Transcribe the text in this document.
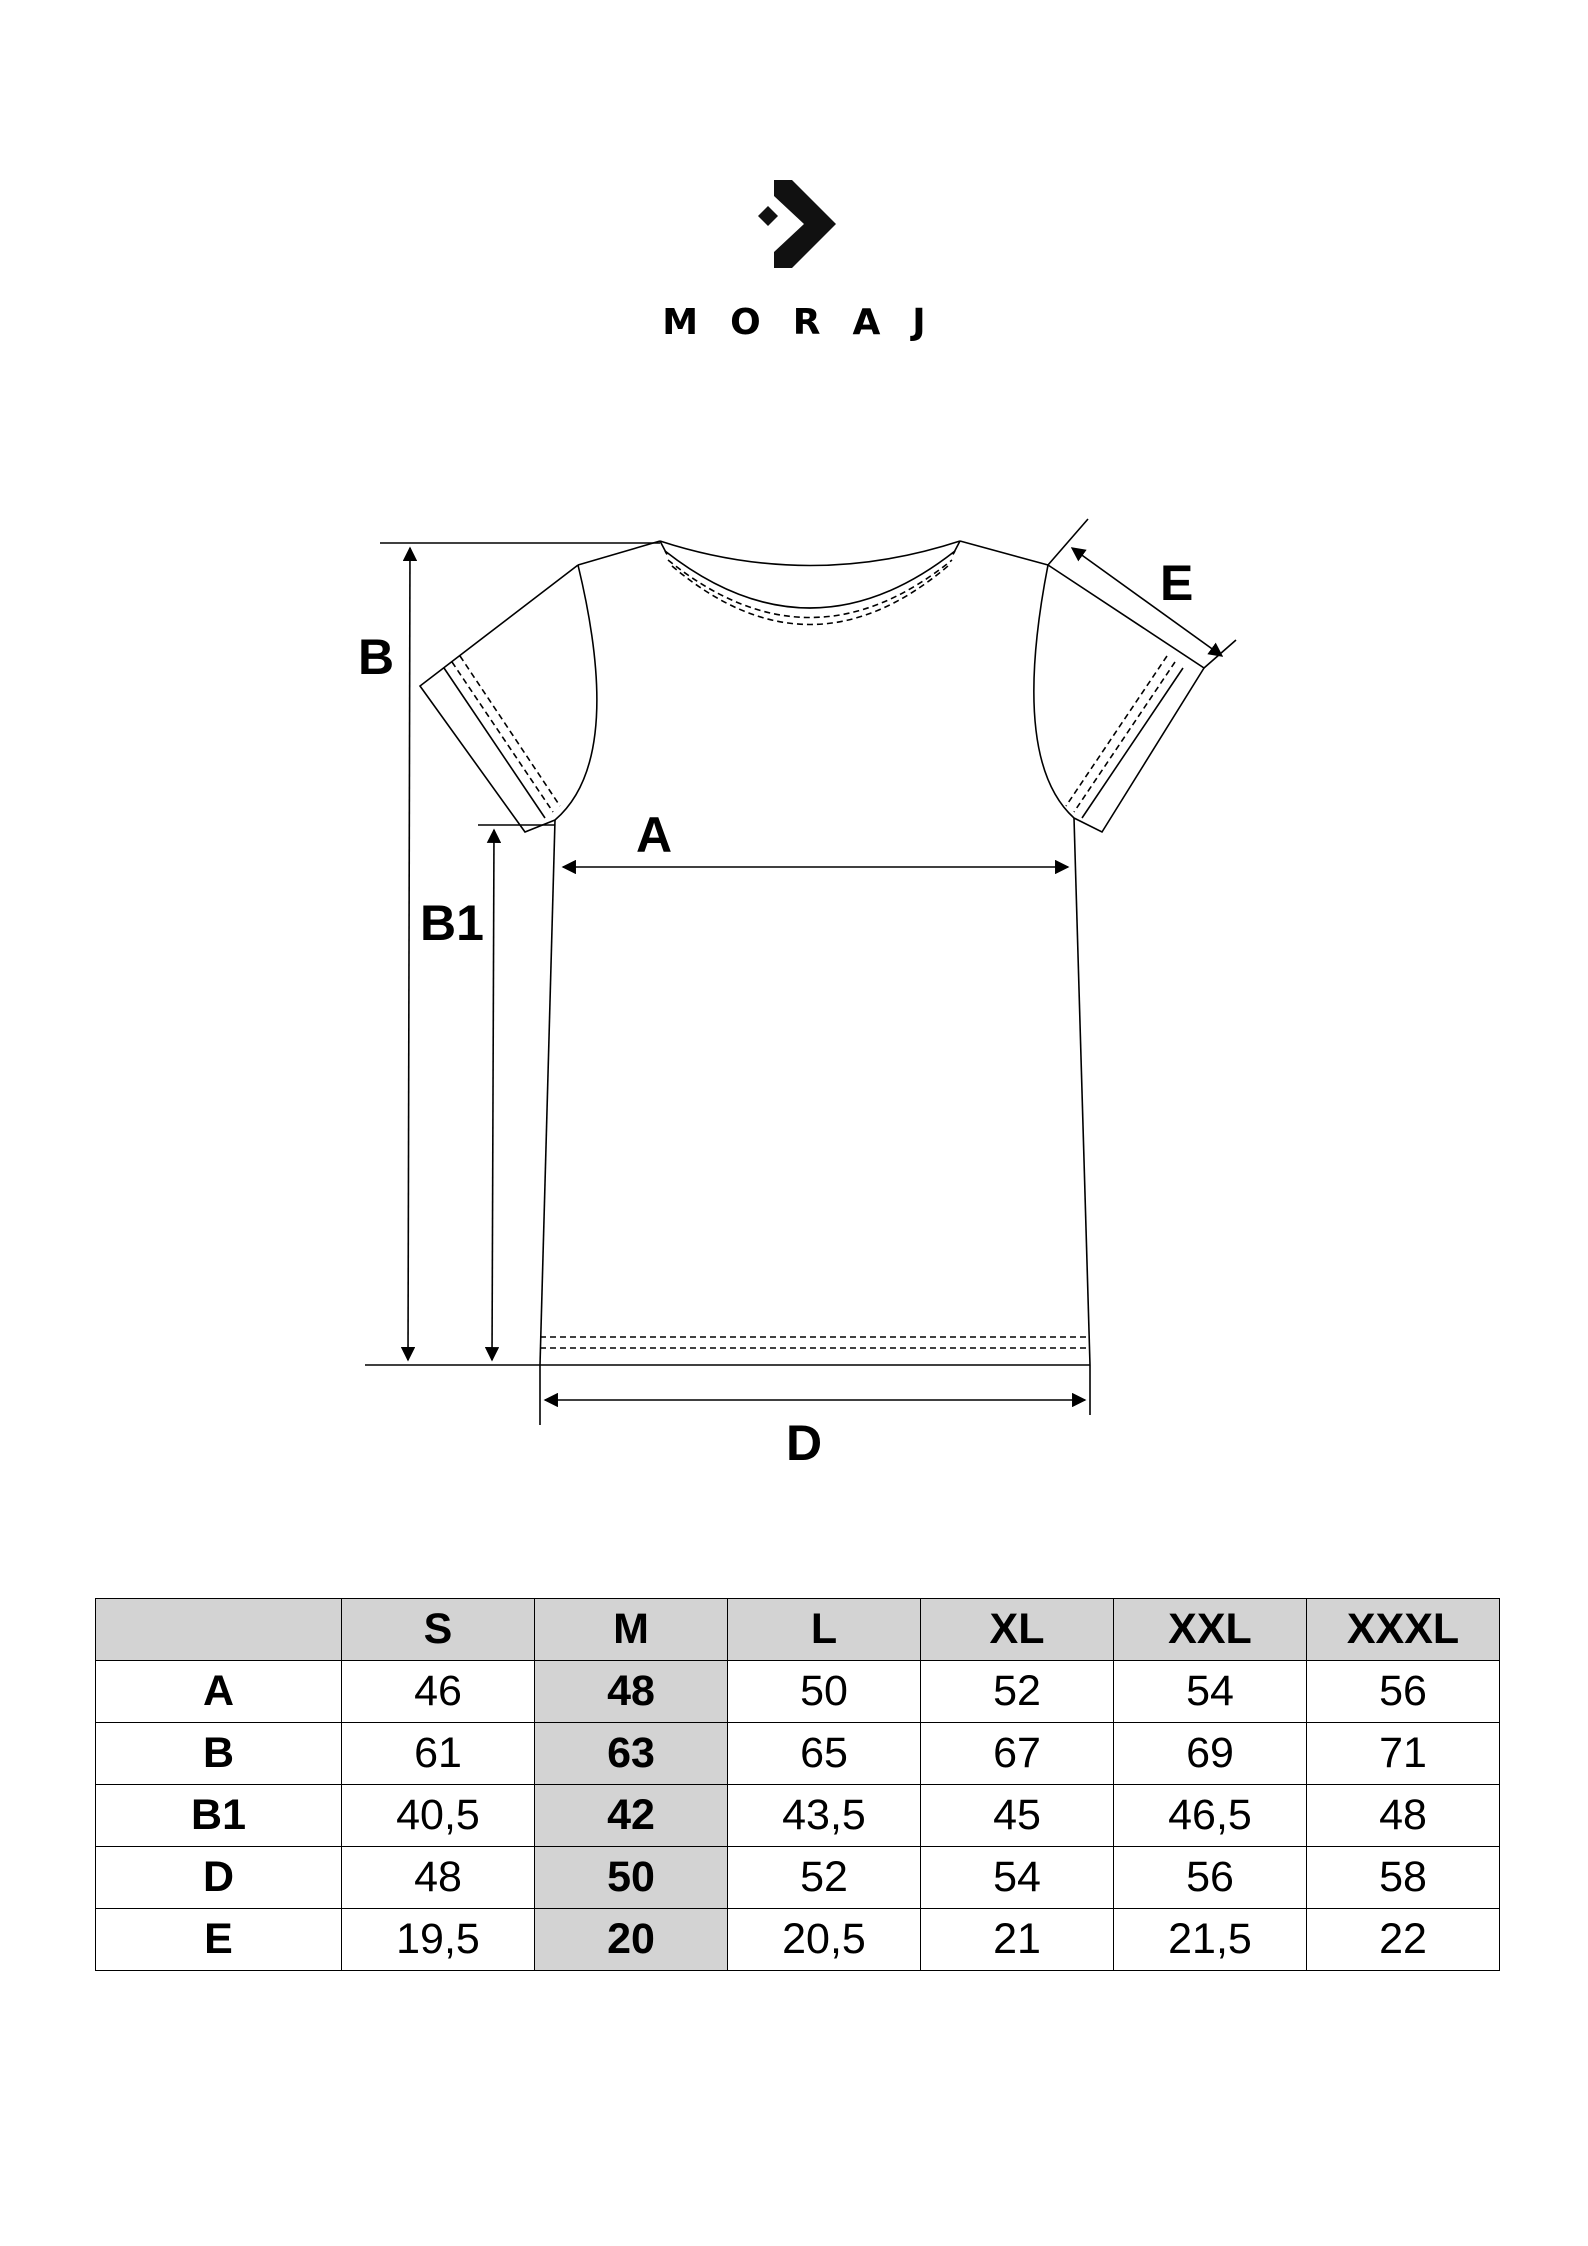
MORAJ
B
B1
A
D
E
	S	M	L	XL	XXL	XXXL
A	46	48	50	52	54	56
B	61	63	65	67	69	71
B1	40,5	42	43,5	45	46,5	48
D	48	50	52	54	56	58
E	19,5	20	20,5	21	21,5	22
